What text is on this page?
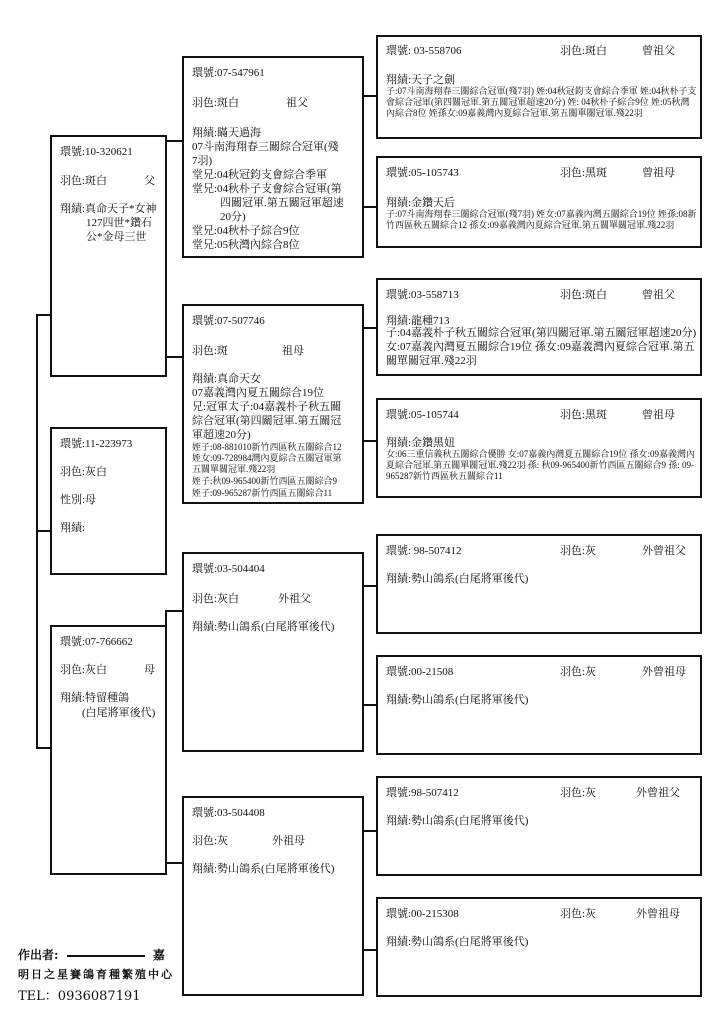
環號:10-320621
羽色:斑白	父
翔績:真命天子*女神
127四世*鑽石
公*金母三世
環號:11-223973
羽色:灰白
性別:母
翔績:
環號:07-766662
羽色:灰白	母
翔績:特留種鴿
(白尾將軍後代)
環號:07-547961
羽色:斑白	祖父
翔績:瞞天過海
07斗南海翔春三關綜合冠軍(殘
7羽)
堂兄:04秋冠鈞支會綜合季軍
堂兄:04秋朴子支會綜合冠軍(第
四關冠軍.第五關冠軍超速
20分)
堂兄:04秋朴子綜合9位
堂兄:05秋灣內綜合8位
環號:07-507746
羽色:斑	祖母
翔績:真命天女
07嘉義灣內夏五關綜合19位
兄:冠軍太子:04嘉義朴子秋五關
綜合冠軍(第四關冠軍.第五關冠
軍超速20分)
姪子:08-881010新竹西區秋五關綜合12
姪女:09-728984灣內夏綜合五關冠軍第
五關單關冠軍.殘22羽
姪子:秋09-965400新竹西區五關綜合9
姪子:09-965287新竹西區五關綜合11
環號:03-504404
羽色:灰白	外祖父
翔績:勢山鴿系(白尾將軍後代)
環號:03-504408
羽色:灰	外祖母
翔績:勢山鴿系(白尾將軍後代)
環號: 03-558706	羽色:斑白	曾祖父
翔績:天子之劍
子:07斗南海翔春三關綜合冠軍(殘7羽) 姪:04秋冠鈞支會綜合季軍 姪:04秋朴子支會綜合冠軍(第四關冠軍.第五關冠軍超速20分) 姪: 04秋朴子綜合9位 姪:05秋灣內綜合8位 姪孫女:09嘉義灣內夏綜合冠軍.第五關單關冠軍.殘22羽
環號:05-105743	羽色:黑斑	曾祖母
翔績:金鑽天后
子:07斗南海翔春三關綜合冠軍(殘7羽) 姪女:07嘉義內灣五關綜合19位 姪孫:08新竹西區秋五關綜合12 孫女:09嘉義灣內夏綜合冠軍.第五關單關冠軍.殘22羽
環號:03-558713	羽色:斑白	曾祖父
翔績:龍種713
子:04嘉義朴子秋五關綜合冠軍(第四關冠軍.第五關冠軍超速20分) 女:07嘉義內灣夏五關綜合19位 孫女:09嘉義灣內夏綜合冠軍.第五關單關冠軍.殘22羽
環號:05-105744	羽色:黑斑	曾祖母
翔績:金鑽黑妞
女:06三重信義秋五關綜合優勝 女:07嘉義內灣夏五關綜合19位 孫女:09嘉義灣內夏綜合冠軍.第五關單關冠軍.殘22羽 孫: 秋09-965400新竹西區五關綜合9 孫: 09-965287新竹西區秋五關綜合11
環號: 98-507412	羽色:灰	外曾祖父
翔績:勢山鴿系(白尾將軍後代)
環號:00-21508	羽色:灰	外曾祖母
翔績:勢山鴿系(白尾將軍後代)
環號:98-507412	羽色:灰	外曾祖父
翔績:勢山鴿系(白尾將軍後代)
環號:00-215308	羽色:灰	外曾祖母
翔績:勢山鴿系(白尾將軍後代)
作出者:	嘉
明日之星賽鴿育種繁殖中心
TEL：0936087191
